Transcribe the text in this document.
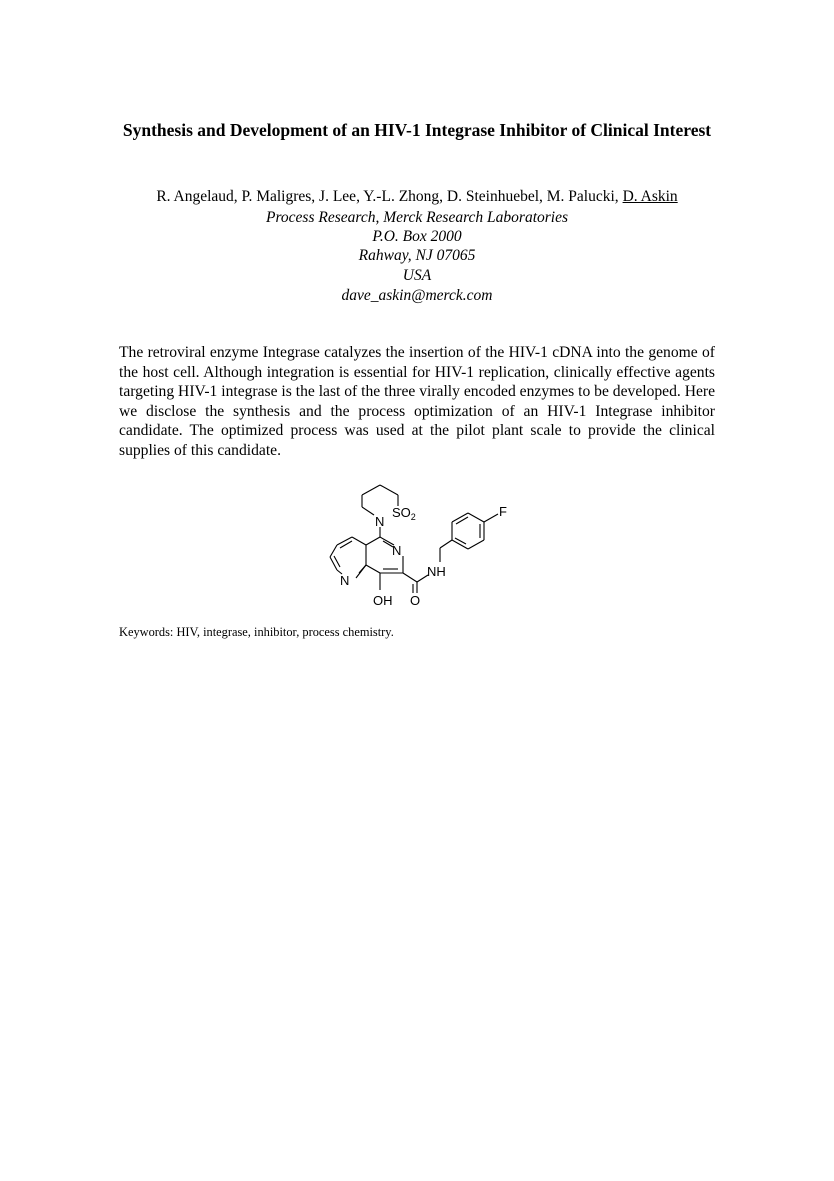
Synthesis and Development of an HIV-1 Integrase Inhibitor of Clinical Interest
R. Angelaud, P. Maligres, J. Lee, Y.-L. Zhong, D. Steinhuebel, M. Palucki, D. Askin
Process Research, Merck Research Laboratories
P.O. Box 2000
Rahway, NJ 07065
USA
dave_askin@merck.com
The retroviral enzyme Integrase catalyzes the insertion of the HIV-1 cDNA into the genome of the host cell. Although integration is essential for HIV-1 replication, clinically effective agents targeting HIV-1 integrase is the last of the three virally encoded enzymes to be developed. Here we disclose the synthesis and the process optimization of an HIV-1 Integrase inhibitor candidate. The optimized process was used at the pilot plant scale to provide the clinical supplies of this candidate.
$SO_2$
N
N
N
NH
F
OH O
Keywords: HIV, integrase, inhibitor, process chemistry.
